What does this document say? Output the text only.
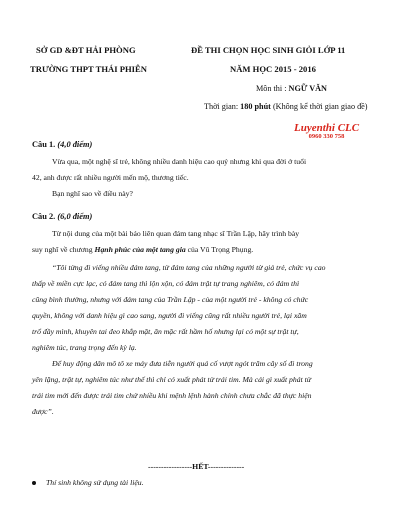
SỞ GD &ĐT HẢI PHÒNG
TRƯỜNG THPT THÁI PHIÊN
ĐỀ THI CHỌN HỌC SINH GIỎI LỚP 11
NĂM HỌC 2015 - 2016
Môn thi : NGỮ VĂN
Thời gian: 180 phút (Không kể thời gian giao đề)
Luyenthi CLC
0960 330 758
Câu 1. (4,0 điểm)
Vừa qua, một nghệ sĩ trẻ, không nhiều danh hiệu cao quý nhưng khi qua đời ở tuổi
42, anh được rất nhiều người mến mộ, thương tiếc.
Bạn nghĩ sao về điều này?
Câu 2. (6,0 điểm)
Từ nội dung của một bài báo liên quan đám tang nhạc sĩ Trần Lập, hãy trình bày
suy nghĩ về chương Hạnh phúc của một tang gia của Vũ Trọng Phụng.
“Tôi từng đi viếng nhiều đám tang, từ đám tang của những người từ giả trẻ, chức vụ cao
thấp về miền cực lạc, có đám tang thì lộn xộn, có đám trật tự trang nghiêm, có đám thì
cũng bình thường, nhưng với đám tang của Trần Lập - của một người trẻ - không có chức
quyền, không với danh hiệu gì cao sang, người đi viếng cũng rất nhiều người trẻ, lại xăm
trổ đầy mình, khuyên tai đeo khắp mặt, ăn mặc rất hầm hố nhưng lại có một sự trật tự,
nghiêm túc, trang trọng đến kỳ lạ.
Để huy động dân mô tô xe máy đưa tiễn người quá cố vượt ngót trăm cây số đi trong
yên lặng, trật tự, nghiêm túc như thế thì chỉ có xuất phát từ trái tim. Mà cái gì xuất phát từ
trái tim mới đến được trái tim chứ nhiều khi mệnh lệnh hành chính chưa chắc đã thực hiện
được”.
-----------------HẾT--------------
Thí sinh không sử dụng tài liệu.
